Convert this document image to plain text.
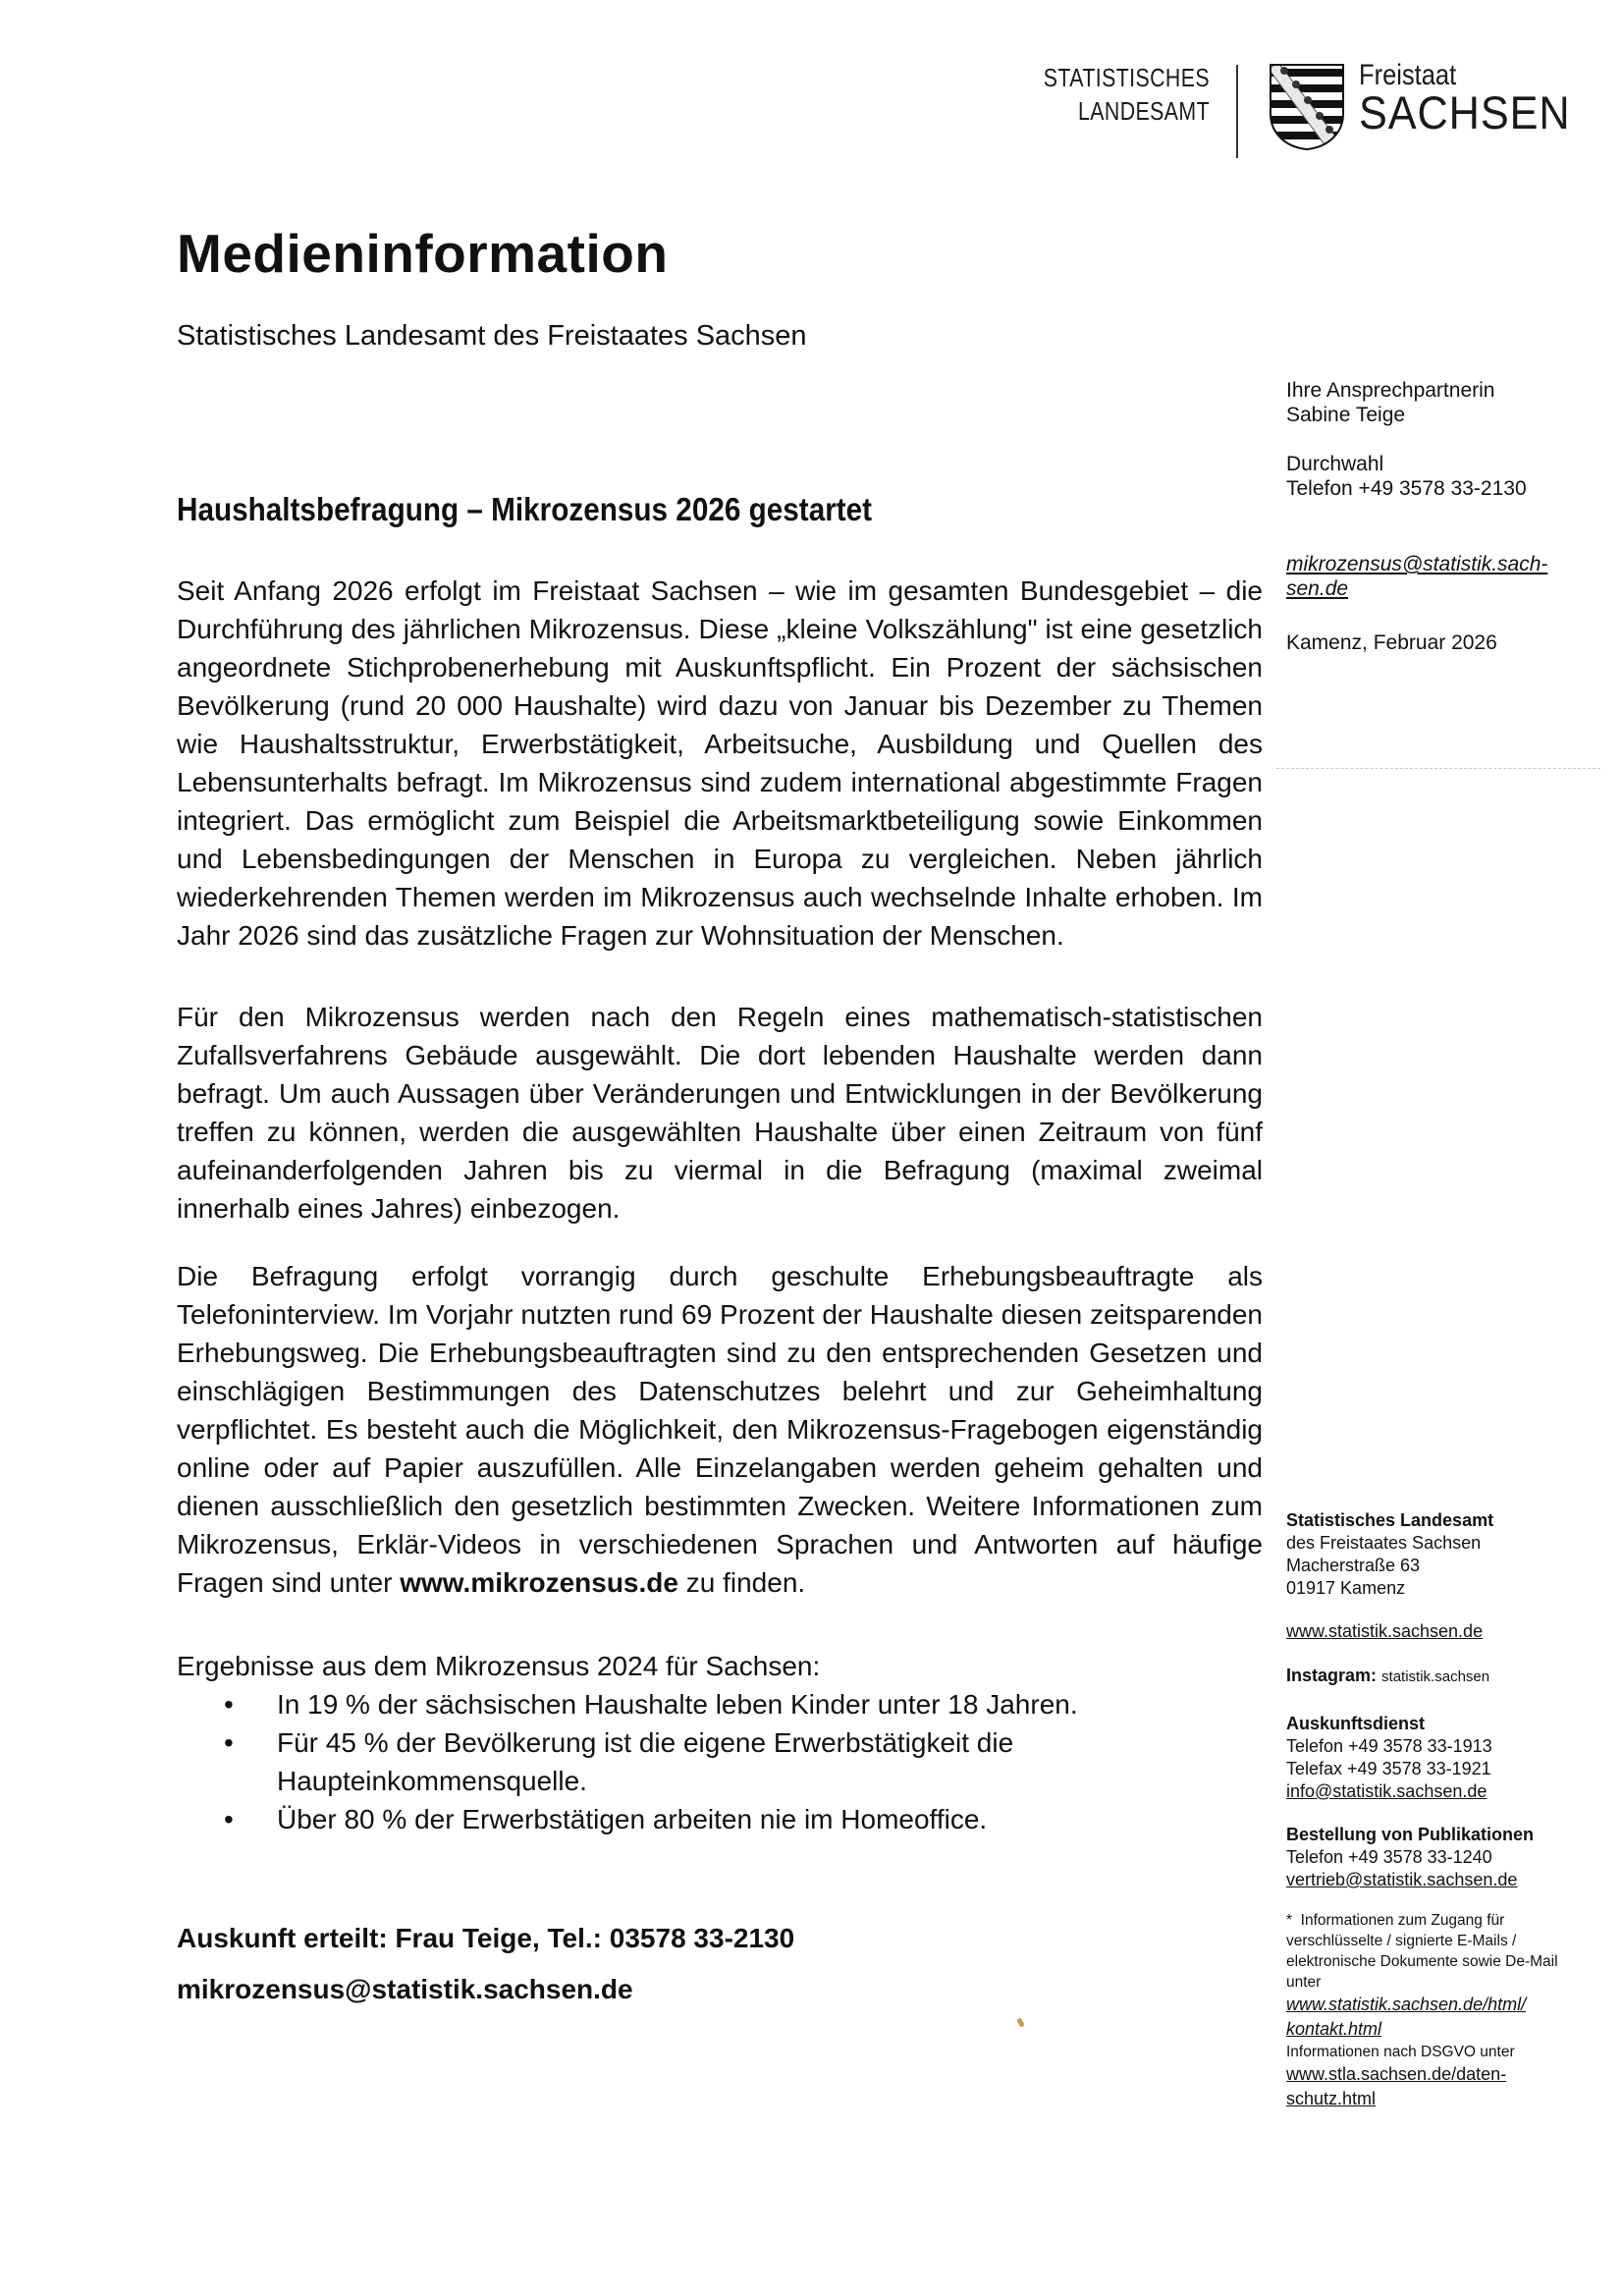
STATISTISCHES
LANDESAMT
Freistaat
SACHSEN
Medieninformation
Statistisches Landesamt des Freistaates Sachsen
Ihre Ansprechpartnerin
Sabine Teige
Durchwahl
Telefon +49 3578 33-2130
mikrozensus@statistik.sach-
sen.de
Kamenz, Februar 2026
Haushaltsbefragung – Mikrozensus 2026 gestartet

Seit Anfang 2026 erfolgt im Freistaat Sachsen – wie im gesamten Bundesgebiet – die Durchführung des jährlichen Mikrozensus. Diese „kleine Volkszählung" ist eine gesetzlich angeordnete Stichprobenerhebung mit Auskunftspflicht. Ein Prozent der sächsischen Bevölkerung (rund 20 000 Haushalte) wird dazu von Januar bis Dezember zu Themen wie Haushaltsstruktur, Erwerbstätigkeit, Arbeitsuche, Ausbildung und Quellen des Lebensunterhalts befragt. Im Mikrozensus sind zudem international abgestimmte Fragen integriert. Das ermöglicht zum Beispiel die Arbeitsmarktbeteiligung sowie Einkommen und Lebensbedingungen der Menschen in Europa zu vergleichen. Neben jährlich wiederkehrenden Themen werden im Mikrozensus auch wechselnde Inhalte erhoben. Im Jahr 2026 sind das zusätzliche Fragen zur Wohnsituation der Menschen.

Für den Mikrozensus werden nach den Regeln eines mathematisch-statistischen Zufallsverfahrens Gebäude ausgewählt. Die dort lebenden Haushalte werden dann befragt. Um auch Aussagen über Veränderungen und Entwicklungen in der Bevölkerung treffen zu können, werden die ausgewählten Haushalte über einen Zeitraum von fünf aufeinanderfolgenden Jahren bis zu viermal in die Befragung (maximal zweimal innerhalb eines Jahres) einbezogen.

Die Befragung erfolgt vorrangig durch geschulte Erhebungsbeauftragte als Telefoninterview. Im Vorjahr nutzten rund 69 Prozent der Haushalte diesen zeitsparenden Erhebungsweg. Die Erhebungsbeauftragten sind zu den entsprechenden Gesetzen und einschlägigen Bestimmungen des Datenschutzes belehrt und zur Geheimhaltung verpflichtet. Es besteht auch die Möglichkeit, den Mikrozensus-Fragebogen eigenständig online oder auf Papier auszufüllen. Alle Einzelangaben werden geheim gehalten und dienen ausschließlich den gesetzlich bestimmten Zwecken. Weitere Informationen zum Mikrozensus, Erklär-Videos in verschiedenen Sprachen und Antworten auf häufige Fragen sind unter www.mikrozensus.de zu finden.

Ergebnisse aus dem Mikrozensus 2024 für Sachsen:
• In 19 % der sächsischen Haushalte leben Kinder unter 18 Jahren.
• Für 45 % der Bevölkerung ist die eigene Erwerbstätigkeit die Haupteinkommensquelle.
• Über 80 % der Erwerbstätigen arbeiten nie im Homeoffice.
Auskunft erteilt: Frau Teige, Tel.: 03578 33-2130
mikrozensus@statistik.sachsen.de
Statistisches Landesamt
des Freistaates Sachsen
Macherstraße 63
01917 Kamenz
www.statistik.sachsen.de
Instagram: statistik.sachsen
Auskunftsdienst
Telefon +49 3578 33-1913
Telefax +49 3578 33-1921
info@statistik.sachsen.de
Bestellung von Publikationen
Telefon +49 3578 33-1240
vertrieb@statistik.sachsen.de
* Informationen zum Zugang für verschlüsselte / signierte E-Mails / elektronische Dokumente sowie De-Mail unter
www.statistik.sachsen.de/html/
kontakt.html
Informationen nach DSGVO unter
www.stla.sachsen.de/daten-
schutz.html
